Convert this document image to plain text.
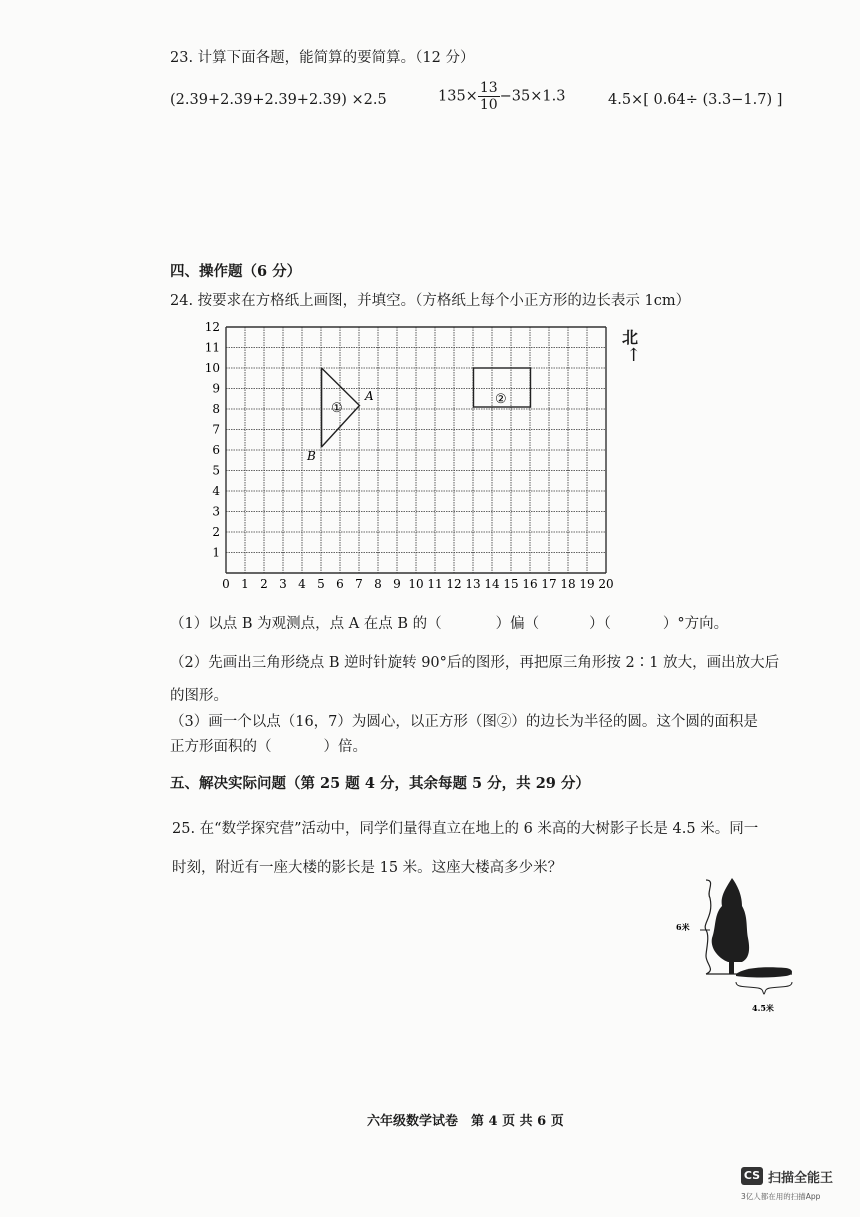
23. 计算下面各题，能简算的要简算。（12 分）
(2.39+2.39+2.39+2.39) ×2.5	$135\times \frac{13}{10} -35\times 1.3$	4.5×[ 0.64÷ (3.3−1.7) ]
四、操作题（6 分）
24. 按要求在方格纸上画图，并填空。（方格纸上每个小正方形的边长表示 1cm）
0 1 2 3 4 5 6 7 8 9 10 11 12 13 14 15 16 17 18 19 20
1
2
3
4
5
6
7
8
9
10
11
12
①
②
A
B
北
↑
（1）以点 B 为观测点，点 A 在点 B 的（	）偏（	）（	）°方向。
（2）先画出三角形绕点 B 逆时针旋转 90°后的图形，再把原三角形按 2∶1 放大，画出放大后
的图形。
（3）画一个以点（16，7）为圆心，以正方形（图②）的边长为半径的圆。这个圆的面积是
正方形面积的（	）倍。
五、解决实际问题（第 25 题 4 分，其余每题 5 分，共 29 分）
25. 在“数学探究营”活动中，同学们量得直立在地上的 6 米高的大树影子长是 4.5 米。同一
时刻，附近有一座大楼的影长是 15 米。这座大楼高多少米？
6米
4.5米
六年级数学试卷　第 4 页 共 6 页
CS 扫描全能王
3亿人都在用的扫描App
